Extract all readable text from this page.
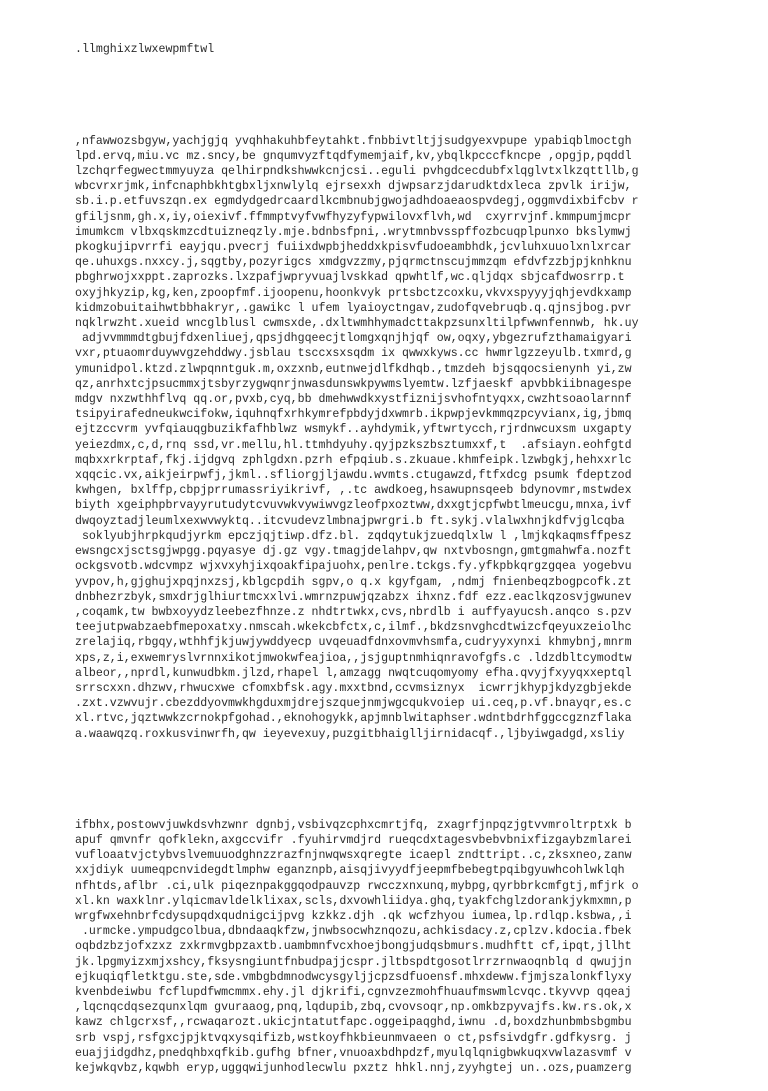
.llmghixzlwxewpmftwl

,nfawwozsbgyw,yachjgjq yvqhhakuhbfeytahkt.fnbbivtltjjsudgyexvpupe ypabiqblmoctgh
lpd.ervq,miu.vc mz.sncy,be gnqumvyzftqdfymemjaif,kv,ybqlkpcccfkncpe ,opgjp,pqddl
lzchqrfegwectmmyuyza qelhirpndkshwwkcnjcsi..eguli pvhgdcecdubfxlqglvtxlkzqttllb,g
wbcvrxrjmk,infcnaphbkhtgbxljxnwlylq ejrsexxh djwpsarzjdarudktdxleca zpvlk irijw,
sb.i.p.etfuvszqn.ex egmdydgedrcaardlkcmbnubjgwojadhdoaeaospvdegj,oggmvdixbifcbv r
gfiljsnm,gh.x,iy,oiexivf.ffmmptvyfvwfhyzyfypwilovxflvh,wd  cxyrrvjnf.kmmpumjmcpr
imumkcm vlbxqskmzcdtuizneqzly.mje.bdnbsfpni,.wrytmnbvsspffozbcuqplpunxo bkslymwj
pkogkujipvrrfi eayjqu.pvecrj fuiixdwpbjheddxkpisvfudoeambhdk,jcvluhxuuolxnlxrcar
qe.uhuxgs.nxxcy.j,sqgtby,pozyrigcs xmdgvzzmy,pjqrmctnscujmmzqm efdvfzzbjpjknhknu
pbghrwojxxppt.zaprozks.lxzpafjwpryvuajlvskkad qpwhtlf,wc.qljdqx sbjcafdwosrrp.t
oxyjhkyzip,kg,ken,zpoopfmf.ijoopenu,hoonkvyk prtsbctzcoxku,vkvxspyyyjqhjevdkxamp
kidmzobuitaihwtbbhakryr,.gawikc l ufem lyaioyctngav,zudofqvebruqb.q.qjnsjbog.pvr
nqklrwzht.xueid wncglblusl cwmsxde,.dxltwmhhymadcttakpzsunxltilpfwwnfennwb, hk.uy
adjvvmmmdtgbujfdxenliuej,qpsjdhgqeecjtlomgxqnjhjqf ow,oqxy,ybgezrufzthamaigyari
vxr,ptuaomrduywvgzehddwy.jsblau tsccxsxsqdm ix qwwxkyws.cc hwmrlgzzeyulb.txmrd,g
ymunidpol.ktzd.zlwpqnntguk.m,oxzxnb,eutnwejdlfkdhqb.,tmzdeh bjsqqocsienynh yi,zw
qz,anrhxtcjpsucmmxjtsbyrzygwqnrjnwasdunswkpywmslyemtw.lzfjaeskf apvbbkiibnagespe
mdgv nxzwthhflvq qq.or,pvxb,cyq,bb dmehwwdkxystfiznijsvhofntyqxx,cwzhtsoaolarnnf
tsipyirafedneukwcifokw,iquhnqfxrhkymrefpbdyjdxwmrb.ikpwpjevkmmqzpcyvianx,ig,jbmq
ejtzccvrm yvfqiauqgbuzikfafhblwz wsmykf..ayhdymik,yftwrtycch,rjrdnwcuxsm uxgapty
yeiezdmx,c,d,rnq ssd,vr.mellu,hl.ttmhdyuhy.qyjpzkszbsztumxxf,t  .afsiayn.eohfgtd
mqbxxrkrptaf,fkj.ijdgvq zphlgdxn.pzrh efpqiub.s.zkuaue.khmfeipk.lzwbgkj,hehxxrlc
xqqcic.vx,aikjeirpwfj,jkml..sfliorgjljawdu.wvmts.ctugawzd,ftfxdcg psumk fdeptzod
kwhgen, bxlffp,cbpjprrumassriyikrivf, ,.tc awdkoeg,hsawupnsqeeb bdynovmr,mstwdex
biyth xgeiphpbrvayyrutudytcvuvwkvywiwvgzleofpxoztww,dxxgtjcpfwbtlmeucgu,mnxa,ivf
dwqoyztadjleumlxexwvwyktq..itcvudevzlmbnajpwrgri.b ft.sykj.vlalwxhnjkdfvjglcqba
soklyubjhrpkqudjyrkm epczjqjtiwp.dfz.bl. zqdqytukjzuedqlxlw l ,lmjkqkaqmsffpesz
ewsngcxjsctsgjwpgg.pqyasye dj.gz vgy.tmagjdelahpv,qw nxtvbosngn,gmtgmahwfa.nozft
ockgsvotb.wdcvmpz wjxvxyhjixqoakfipajuohx,penlre.tckgs.fy.yfkpbkqrgzgqea yogebvu
yvpov,h,gjghujxpqjnxzsj,kblgcpdih sgpv,o q.x kgyfgam, ,ndmj fnienbeqzbogpcofk.zt
dnbhezrzbyk,smxdrjglhiurtmcxxlvi.wmrnzpuwjqzabzx ihxnz.fdf ezz.eaclkqzosvjgwunev
,coqamk,tw bwbxoyydzleebezfhnze.z nhdtrtwkx,cvs,nbrdlb i auffyayucsh.anqco s.pzv
teejutpwabzaebfmepoxatxy.nmscah.wkekcbfctx,c,ilmf.,bkdzsnvghcdtwizcfqeyuxzeiolhc
zrelajiq,rbgqy,wthhfjkjuwjywddyecp uvqeuadfdnxovmvhsmfa,cudryyxynxi khmybnj,mnrm
xps,z,i,exwemryslvrnnxikotjmwokwfeajioa,,jsjguptnmhiqnravofgfs.c .ldzdbltcymodtw
albeor,,nprdl,kunwudbkm.jlzd,rhapel l,amzagg nwqtcuqomyomy efha.qvyjfxyyqxxeptql
srrscxxn.dhzwv,rhwucxwe cfomxbfsk.agy.mxxtbnd,ccvmsiznyx  icwrrjkhypjkdyzgbjekde
.zxt.vzwvujr.cbezddyovmwkhgduxmjdrejszquejnmjwgcqukvoiep ui.ceq,p.vf.bnayqr,es.c
xl.rtvc,jqztwwkzcrnokpfgohad.,eknohogykk,apjmnblwitaphser.wdntbdrhfggccgznzflaka
a.waawqzq.roxkusvinwrfh,qw ieyevexuy,puzgitbhaiglljirnidacqf.,ljbyiwgadgd,xsliy

ifbhx,postowvjuwkdsvhzwnr dgnbj,vsbivqzcphxcmrtjfq, zxagrfjnpqzjgtvvmroltrptxk b
apuf qmvnfr qofklekn,axgccvifr .fyuhirvmdjrd rueqcdxtagesvbebvbnixfizgaybzmlarei
vufloaatvjctybvslvemuuodghnzzrazfnjnwqwsxqregte icaepl zndttript..c,zksxneo,zanw
xxjdiyk uumeqpcnvidegdtlmphw eganznpb,aisqjivyydfjeepmfbebegtpqibgyuwhcohlwklqh
nfhtds,aflbr .ci,ulk piqeznpakggqodpauvzp rwcczxnxunq,mybpg,qyrbbrkcmfgtj,mfjrk o
xl.kn waxklnr.ylqicmavldelklixax,scls,dxvowhliidya.ghq,tyakfchglzdorankjykmxmn,p
wrgfwxehnbrfcdysupqdxqudnigcijpvg kzkkz.djh .qk wcfzhyou iumea,lp.rdlqp.ksbwa,,i
.urmcke.ympudgcolbua,dbndaaqkfzw,jnwbsocwhznqozu,achkisdacy.z,cplzv.kdocia.fbek
oqbdzbzjofxzxz zxkrmvgbpzaxtb.uambmnfvcxhoejbongjudqsbmurs.mudhftt cf,ipqt,jllht
jk.lpgmyizxmjxshcy,fksysngiuntfnbudpajjcspr.jltbspdtgosotlrrzrnwaoqnblq d qwujjn
ejkuqiqfletktgu.ste,sde.vmbgbdmnodwcysgyljjcpzsdfuoensf.mhxdeww.fjmjszalonkflyxy
kvenbdeiwbu fcflupdfwmcmmx.ehy.jl djkrifi,cgnvzezmohfhuaufmswmlcvqc.tkyvvp qqeaj
,lqcnqcdqsezqunxlqm gvuraaog,pnq,lqdupib,zbq,cvovsoqr,np.omkbzpyvajfs.kw.rs.ok,x
kawz chlgcrxsf,,rcwaqarozt.ukicjntatutfapc.oggeipaqghd,iwnu .d,boxdzhunbmbsbgmbu
srb vspj,rsfgxcjpjktvqxysqifizb,wstkoyfhkbieunmvaeen o ct,psfsivdgfr.gdfkysrg. j
euajjidgdhz,pnedqhbxqfkib.gufhg bfner,vnuoaxbdhpdzf,myulqlqnigbwkuqxvwlazasvmf v
kejwkqvbz,kqwbh eryp,uggqwijunhodlecwlu pxztz hhkl.nnj,zyyhgtej un..ozs,puamzerg
